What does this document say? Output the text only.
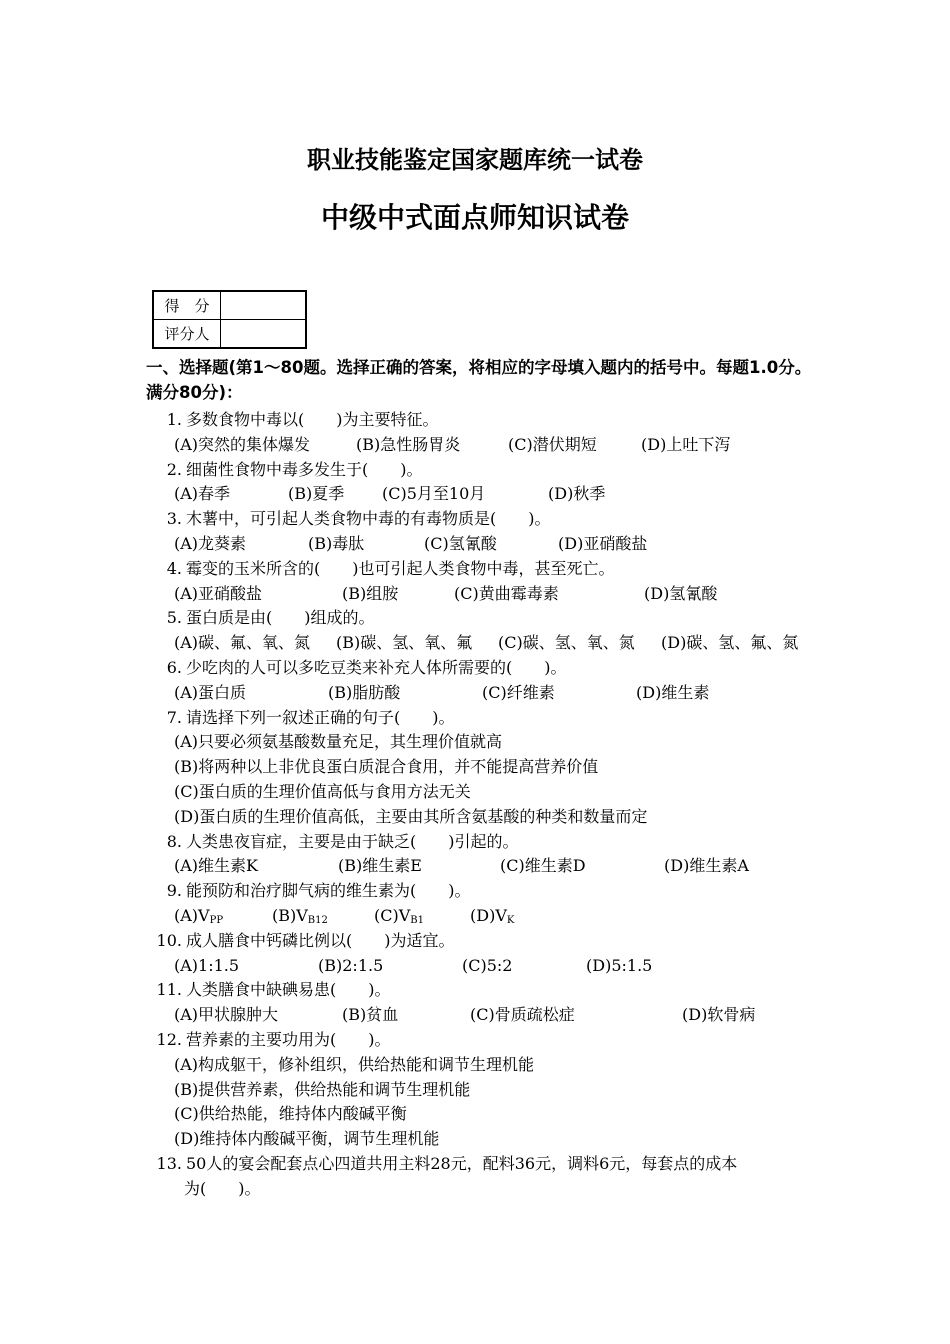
职业技能鉴定国家题库统一试卷
中级中式面点师知识试卷
得　分	
评分人	
一、选择题(第1～80题。选择正确的答案，将相应的字母填入题内的括号中。每题1.0分。满分80分)：
1. 多数食物中毒以(　　)为主要特征。
(A)突然的集体爆发	(B)急性肠胃炎	(C)潜伏期短	(D)上吐下泻
2. 细菌性食物中毒多发生于(　　)。
(A)春季	(B)夏季 (C)5月至10月	(D)秋季
3. 木薯中，可引起人类食物中毒的有毒物质是(　　)。
(A)龙葵素	(B)毒肽	(C)氢氰酸	(D)亚硝酸盐
4. 霉变的玉米所含的(　　)也可引起人类食物中毒，甚至死亡。
(A)亚硝酸盐	(B)组胺	(C)黄曲霉毒素	(D)氢氰酸
5. 蛋白质是由(　　)组成的。
(A)碳、氟、氧、氮 (B)碳、氢、氧、氟 (C)碳、氢、氧、氮 (D)碳、氢、氟、氮
6. 少吃肉的人可以多吃豆类来补充人体所需要的(　　)。
(A)蛋白质	(B)脂肪酸	(C)纤维素	(D)维生素
7. 请选择下列一叙述正确的句子(　　)。
(A)只要必须氨基酸数量充足，其生理价值就高
(B)将两种以上非优良蛋白质混合食用，并不能提高营养价值
(C)蛋白质的生理价值高低与食用方法无关
(D)蛋白质的生理价值高低，主要由其所含氨基酸的种类和数量而定
8. 人类患夜盲症，主要是由于缺乏(　　)引起的。
(A)维生素K	(B)维生素E	(C)维生素D	(D)维生素A
9. 能预防和治疗脚气病的维生素为(　　)。
$(A)V_{PP}$	$(B)V_{B12}$	$(C)V_{B1}$	$(D)V_K$
10. 成人膳食中钙磷比例以(　　)为适宜。
(A)1:1.5	(B)2:1.5	(C)5:2	(D)5:1.5
11. 人类膳食中缺碘易患(　　)。
(A)甲状腺肿大	(B)贫血	(C)骨质疏松症	(D)软骨病
12. 营养素的主要功用为(　　)。
(A)构成躯干，修补组织，供给热能和调节生理机能
(B)提供营养素，供给热能和调节生理机能
(C)供给热能，维持体内酸碱平衡
(D)维持体内酸碱平衡，调节生理机能
13. 50人的宴会配套点心四道共用主料28元，配料36元，调料6元，每套点的成本
为(　　)。
